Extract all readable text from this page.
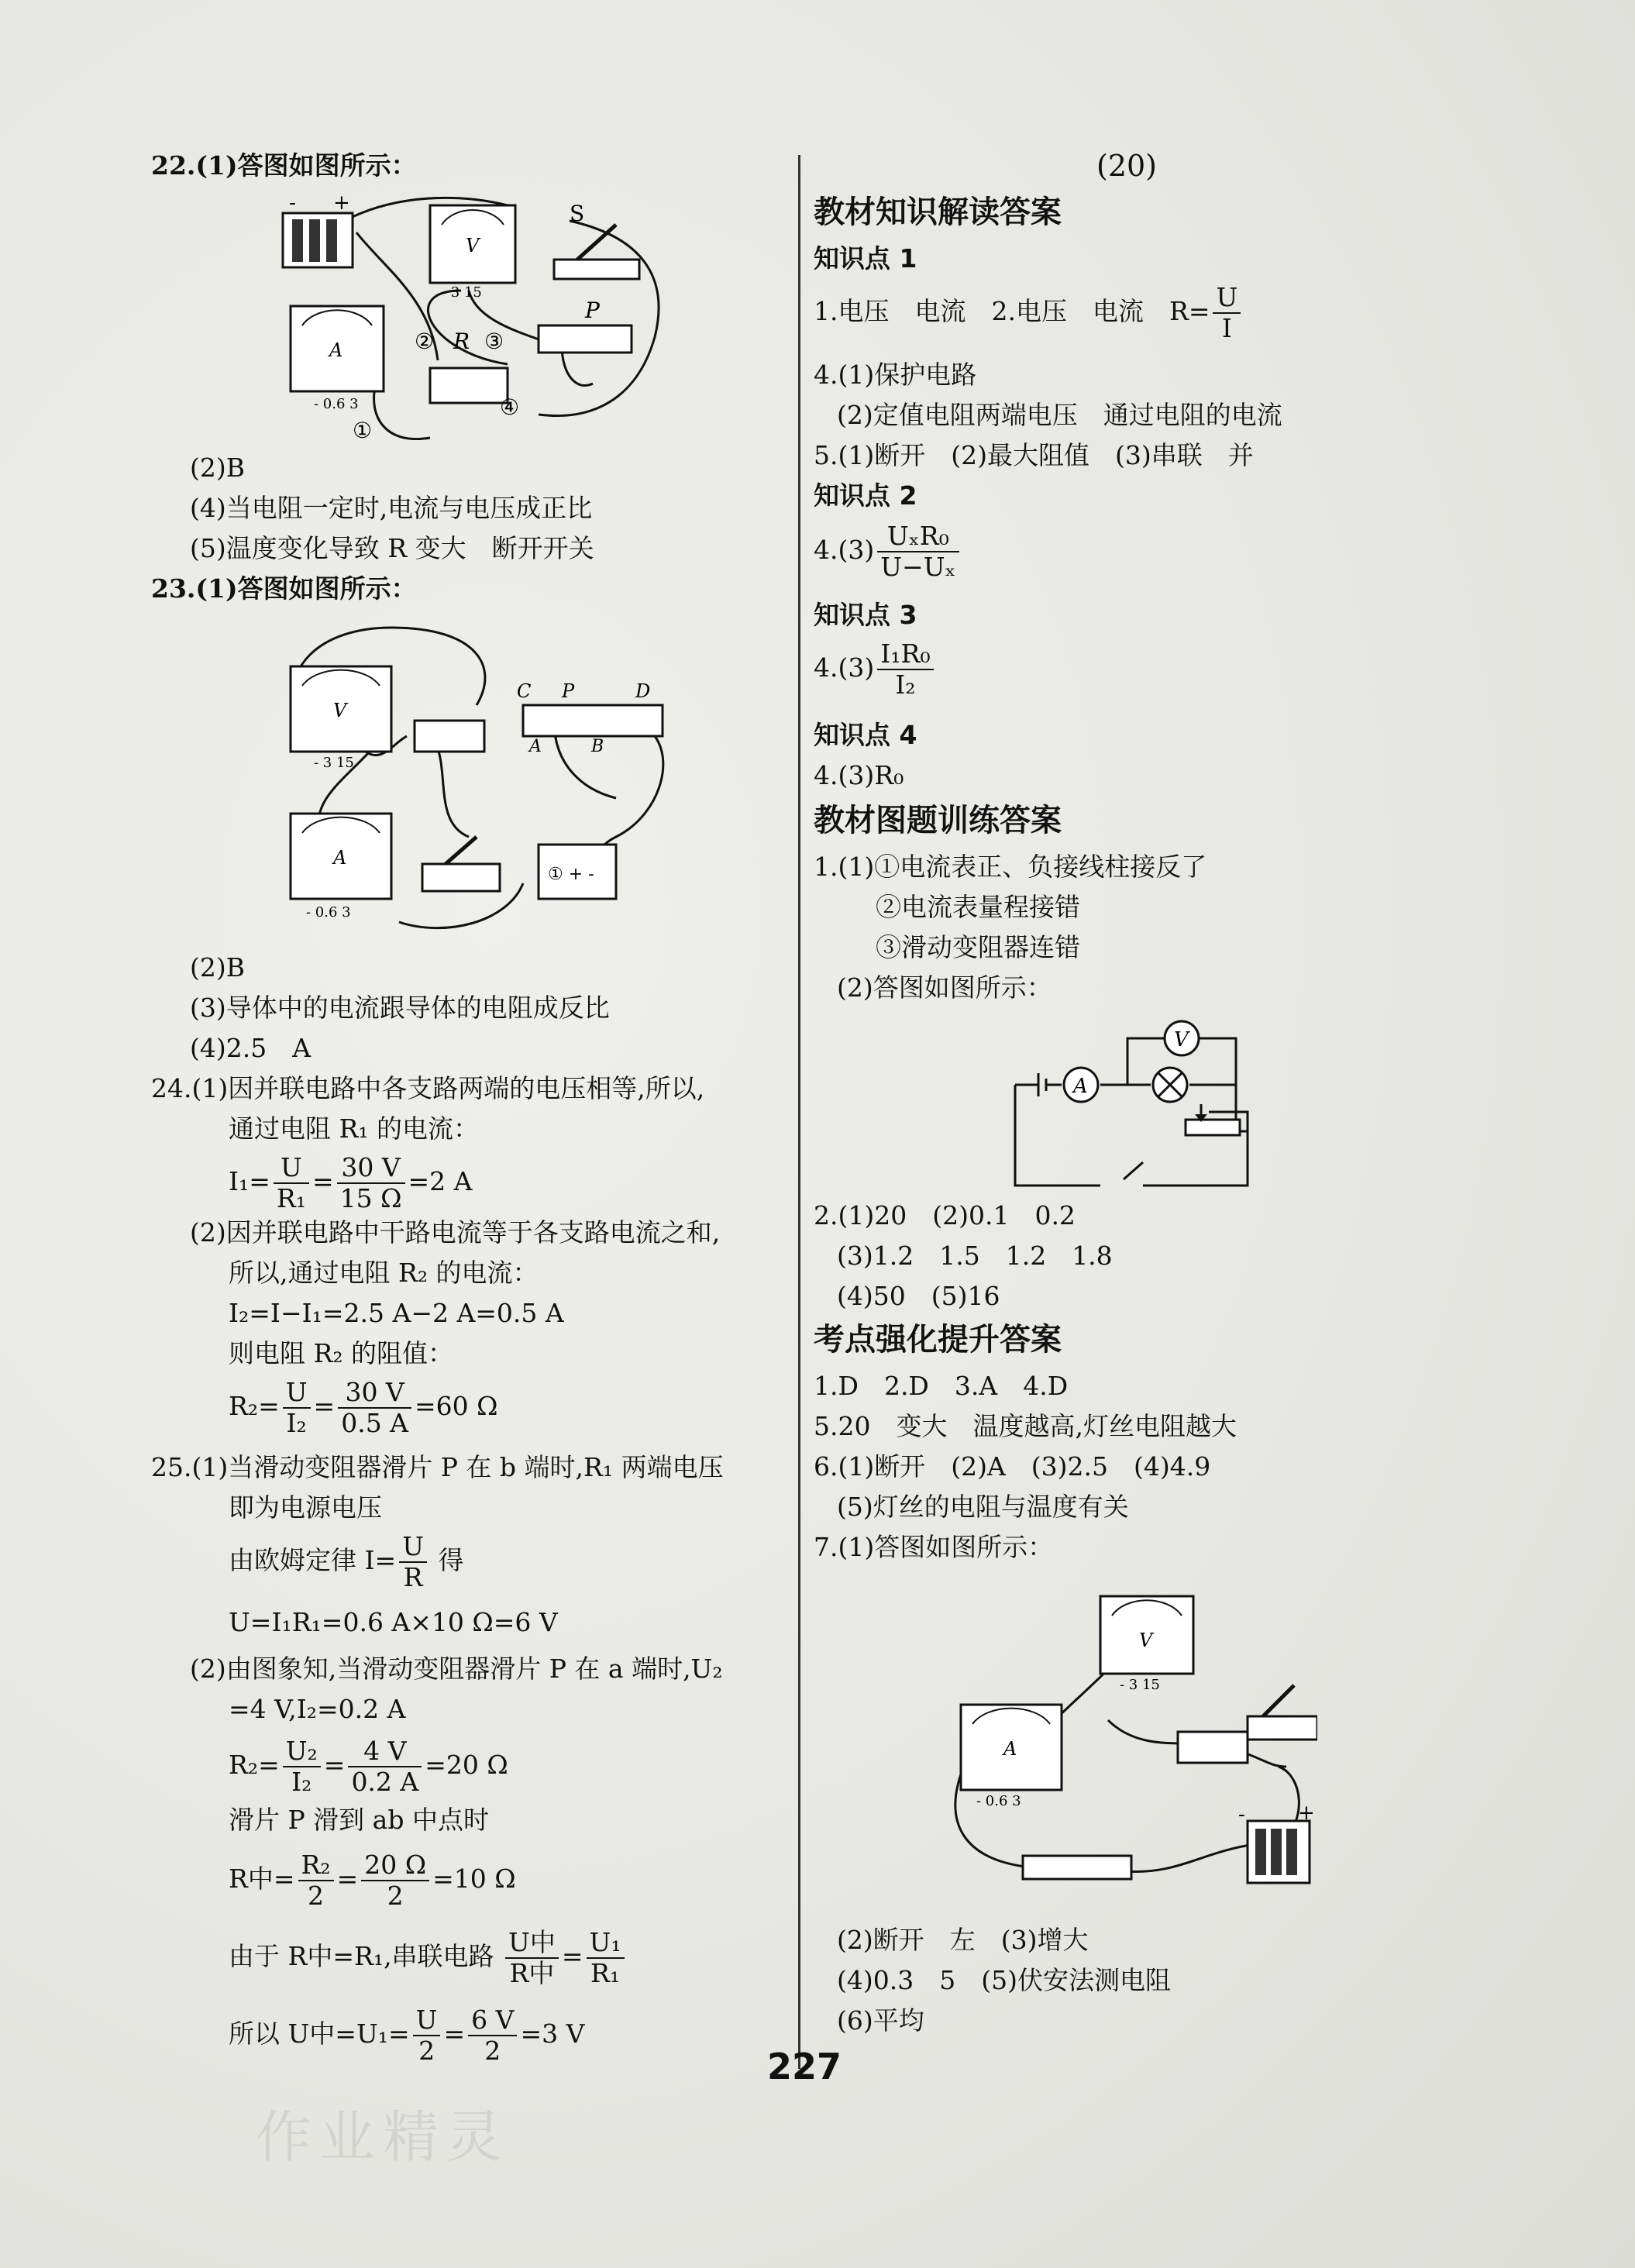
22.(1)答图如图所示：
- +
V
- 3 15
A
- 0.6 3
R
P
S
② ③
①
④
(2)B
(4)当电阻一定时,电流与电压成正比
(5)温度变化导致 R 变大　断开开关
23.(1)答图如图所示：
V
- 3 15
C P	D
A	B
A
- 0.6 3
① + -
(2)B
(3)导体中的电流跟导体的电阻成反比
(4)2.5　A
24.(1)因并联电路中各支路两端的电压相等,所以,
通过电阻 R₁ 的电流：
$I_1= \frac{U}{\text{R₁}} = \frac{30 V}{15 \Omega} =2$ A
(2)因并联电路中干路电流等于各支路电流之和,
所以,通过电阻 R₂ 的电流：
I₂=I−I₁=2.5 A−2 A=0.5 A
则电阻 R₂ 的阻值：
$R_2= \frac{U}{\text{I₂}} = \frac{30 V}{0.5 A} =60$ Ω
25.(1)当滑动变阻器滑片 P 在 b 端时,R₁ 两端电压
即为电源电压
由欧姆定律 $I= \frac{U}{R}$ 得
U=I₁R₁=0.6 A×10 Ω=6 V
(2)由图象知,当滑动变阻器滑片 P 在 a 端时,U₂
=4 V,I₂=0.2 A
$R_2= \frac{\text{U₂}}{\text{I₂}} = \frac{4 V}{0.2 A} =20$ Ω
滑片 P 滑到 ab 中点时
R中= $\frac{\text{R₂}}{2} = \frac{20 \Omega}{2} =10$ Ω
由于 R中=R₁,串联电路 $\frac{\text{U中}}{\text{R中}} = \frac{\text{U₁}}{\text{R₁}}$
所以 U中$=U_1= \frac{U}{2} = \frac{6 V}{2} =3$ V
(20)
教材知识解读答案
知识点 1
1.电压　电流　2.电压　电流　$R= \frac{U}{I}$
4.(1)保护电路
(2)定值电阻两端电压　通过电阻的电流
5.(1)断开　(2)最大阻值　(3)串联　并
知识点 2
$4.(3) \frac{\text{UₓR₀}}{\text{U−Uₓ}}$
知识点 3
$4.(3) \frac{\text{I₁R₀}}{\text{I₂}}$
知识点 4
4.(3)R₀
教材图题训练答案
1.(1)①电流表正、负接线柱接反了
②电流表量程接错
③滑动变阻器连错
(2)答图如图所示：
A
V
2.(1)20　(2)0.1　0.2
(3)1.2　1.5　1.2　1.8
(4)50　(5)16
考点强化提升答案
1.D　2.D　3.A　4.D
5.20　变大　温度越高,灯丝电阻越大
6.(1)断开　(2)A　(3)2.5　(4)4.9
(5)灯丝的电阻与温度有关
7.(1)答图如图所示：
V
- 3 15
A
- 0.6 3
-	+
(2)断开　左　(3)增大
(4)0.3　5　(5)伏安法测电阻
(6)平均
227
作业精灵
